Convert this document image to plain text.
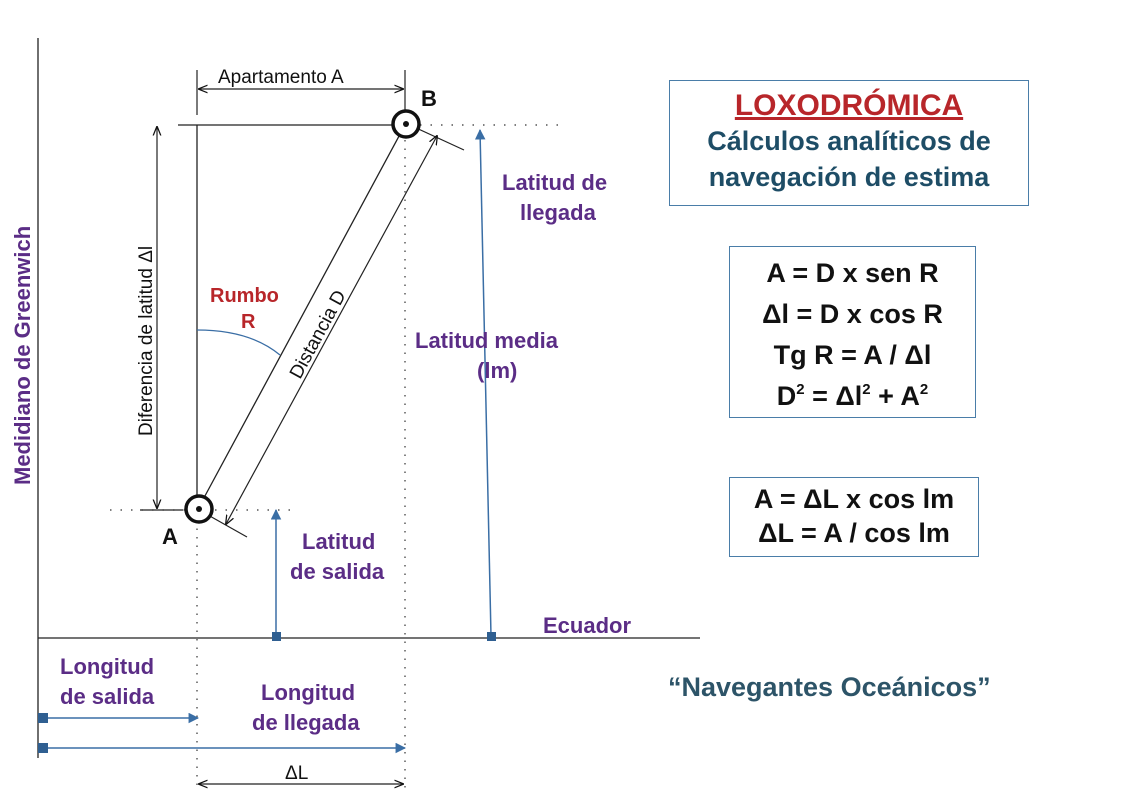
Medidiano de Greenwich
Apartamento A
B
A
Diferencia de latitud Δl	Rumbo
R Distancia D
Latitud de
llegada
Latitud media
(lm)
Latitud
de salida
Ecuador
Longitud
de salida	Longitud
de llegada
ΔL
LOXODRÓMICA
Cálculos analíticos de
navegación de estima
A = D x sen R
Δl = D x cos R
Tg R = A / Δl
$D^2 = \Delta l^2 + A^2$
A = ΔL x cos lm
ΔL = A / cos lm
“Navegantes Oceánicos”
